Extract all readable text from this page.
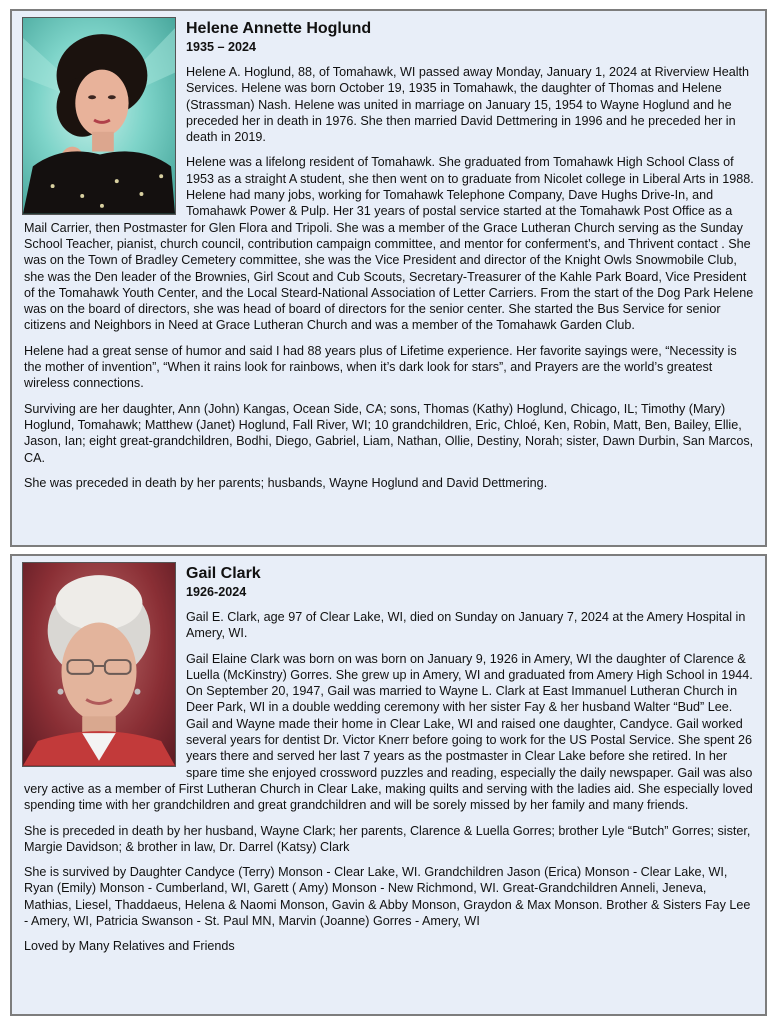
Helene Annette Hoglund
1935 – 2024

Helene A. Hoglund, 88, of Tomahawk, WI passed away Monday, January 1, 2024 at Riverview Health Services. Helene was born October 19, 1935 in Tomahawk, the daughter of Thomas and Helene (Strassman) Nash. Helene was united in marriage on January 15, 1954 to Wayne Hoglund and he preceded her in death in 1976. She then married David Dettmering in 1996 and he preceded her in death in 2019.

Helene was a lifelong resident of Tomahawk. She graduated from Tomahawk High School Class of 1953 as a straight A student, she then went on to graduate from Nicolet college in Liberal Arts in 1988. Helene had many jobs, working for Tomahawk Telephone Company, Dave Hughs Drive-In, and Tomahawk Power & Pulp. Her 31 years of postal service started at the Tomahawk Post Office as a Mail Carrier, then Postmaster for Glen Flora and Tripoli. She was a member of the Grace Lutheran Church serving as the Sunday School Teacher, pianist, church council, contribution campaign committee, and mentor for conferment’s, and Thrivent contact . She was on the Town of Bradley Cemetery committee, she was the Vice President and director of the Knight Owls Snowmobile Club, she was the Den leader of the Brownies, Girl Scout and Cub Scouts, Secretary-Treasurer of the Kahle Park Board, Vice President of the Tomahawk Youth Center, and the Local Steard-National Association of Letter Carriers. From the start of the Dog Park Helene was on the board of directors, she was head of board of directors for the senior center. She started the Bus Service for senior citizens and Neighbors in Need at Grace Lutheran Church and was a member of the Tomahawk Garden Club.

Helene had a great sense of humor and said I had 88 years plus of Lifetime experience. Her favorite sayings were, “Necessity is the mother of invention”, “When it rains look for rainbows, when it’s dark look for stars”, and Prayers are the world’s greatest wireless connections.

Surviving are her daughter, Ann (John) Kangas, Ocean Side, CA; sons, Thomas (Kathy) Hoglund, Chicago, IL; Timothy (Mary) Hoglund, Tomahawk; Matthew (Janet) Hoglund, Fall River, WI; 10 grandchildren, Eric, Chloé, Ken, Robin, Matt, Ben, Bailey, Ellie, Jason, Ian; eight great-grandchildren, Bodhi, Diego, Gabriel, Liam, Nathan, Ollie, Destiny, Norah; sister, Dawn Durbin, San Marcos, CA.

She was preceded in death by her parents; husbands, Wayne Hoglund and David Dettmering.

Gail Clark
1926-2024

Gail E. Clark, age 97 of Clear Lake, WI, died on Sunday on January 7, 2024 at the Amery Hospital in Amery, WI.

Gail Elaine Clark was born on was born on January 9, 1926 in Amery, WI the daughter of Clarence & Luella (McKinstry) Gorres. She grew up in Amery, WI and graduated from Amery High School in 1944. On September 20, 1947, Gail was married to Wayne L. Clark at East Immanuel Lutheran Church in Deer Park, WI in a double wedding ceremony with her sister Fay & her husband Walter “Bud” Lee. Gail and Wayne made their home in Clear Lake, WI and raised one daughter, Candyce. Gail worked several years for dentist Dr. Victor Knerr before going to work for the US Postal Service. She spent 26 years there and served her last 7 years as the postmaster in Clear Lake before she retired. In her spare time she enjoyed crossword puzzles and reading, especially the daily newspaper. Gail was also very active as a member of First Lutheran Church in Clear Lake, making quilts and serving with the ladies aid. She especially loved spending time with her grandchildren and great grandchildren and will be sorely missed by her family and many friends.

She is preceded in death by her husband, Wayne Clark; her parents, Clarence & Luella Gorres; brother Lyle “Butch” Gorres; sister, Margie Davidson; & brother in law, Dr. Darrel (Katsy) Clark

She is survived by Daughter Candyce (Terry) Monson - Clear Lake, WI. Grandchildren Jason (Erica) Monson - Clear Lake, WI, Ryan (Emily) Monson - Cumberland, WI, Garett ( Amy) Monson - New Richmond, WI. Great-Grandchildren Anneli, Jeneva, Mathias, Liesel, Thaddaeus, Helena & Naomi Monson, Gavin & Abby Monson, Graydon & Max Monson. Brother & Sisters Fay Lee - Amery, WI, Patricia Swanson - St. Paul MN, Marvin (Joanne) Gorres - Amery, WI

Loved by Many Relatives and Friends
